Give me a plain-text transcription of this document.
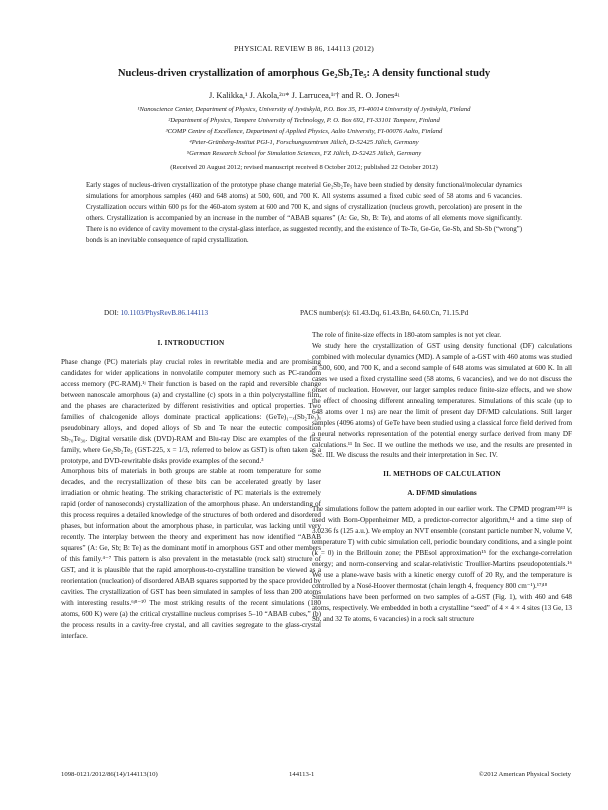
PHYSICAL REVIEW B 86, 144113 (2012)
Nucleus-driven crystallization of amorphous Ge₂Sb₂Te₅: A density functional study
J. Kalikka,¹ J. Akola,²ʳʴ* J. Larrucea,¹ʳ† and R. O. Jones⁴ʵ
¹Nanoscience Center, Department of Physics, University of Jyväskylä, P.O. Box 35, FI-40014 University of Jyväskylä, Finland
²Department of Physics, Tampere University of Technology, P. O. Box 692, FI-33101 Tampere, Finland
³COMP Centre of Excellence, Department of Applied Physics, Aalto University, FI-00076 Aalto, Finland
⁴Peter-Grünberg-Institut PGI-1, Forschungszentrum Jülich, D-52425 Jülich, Germany
⁵German Research School for Simulation Sciences, FZ Jülich, D-52425 Jülich, Germany
(Received 20 August 2012; revised manuscript received 8 October 2012; published 22 October 2012)
Early stages of nucleus-driven crystallization of the prototype phase change material Ge₂Sb₂Te₅ have been studied by density functional/molecular dynamics simulations for amorphous samples (460 and 648 atoms) at 500, 600, and 700 K. All systems assumed a fixed cubic seed of 58 atoms and 6 vacancies. Crystallization occurs within 600 ps for the 460-atom system at 600 and 700 K, and signs of crystallization (nucleus growth, percolation) are present in the others. Crystallization is accompanied by an increase in the number of “ABAB squares” (A: Ge, Sb, B: Te), and atoms of all elements move significantly. There is no evidence of cavity movement to the crystal-glass interface, as suggested recently, and the existence of Te-Te, Ge-Ge, Ge-Sb, and Sb-Sb (“wrong”) bonds is an inevitable consequence of rapid crystallization.
DOI: 10.1103/PhysRevB.86.144113	PACS number(s): 61.43.Dq, 61.43.Bn, 64.60.Cn, 71.15.Pd
I. INTRODUCTION

Phase change (PC) materials play crucial roles in rewritable media and are promising candidates for wider applications in nonvolatile computer memory such as PC-random access memory (PC-RAM).¹ʲ Their function is based on the rapid and reversible change between nanoscale amorphous (a) and crystalline (c) spots in a thin polycrystalline film, and the phases are characterized by different resistivities and optical properties. Two families of chalcogenide alloys dominate practical applications: (GeTe)₁₋ₓ(Sb₂Te₃)ₓ pseudobinary alloys, and doped alloys of Sb and Te near the eutectic composition Sb₇₀Te₃₀. Digital versatile disk (DVD)-RAM and Blu-ray Disc are examples of the first family, where Ge₂Sb₂Te₅ (GST-225, x = 1/3, referred to below as GST) is often taken as a prototype, and DVD-rewritable disks provide examples of the second.³

Amorphous bits of materials in both groups are stable at room temperature for some decades, and the recrystallization of these bits can be accelerated greatly by laser irradiation or ohmic heating. The striking characteristic of PC materials is the extremely rapid (order of nanoseconds) crystallization of the amorphous phase. An understanding of this process requires a detailed knowledge of the structures of both ordered and disordered phases, but information about the amorphous phase, in particular, was lacking until very recently. The interplay between the theory and experiment has now identified “ABAB squares” (A: Ge, Sb; B: Te) as the dominant motif in amorphous GST and other members of this family.⁴⁻⁷ This pattern is also prevalent in the metastable (rock salt) structure of GST, and it is plausible that the rapid amorphous-to-crystalline transition be viewed as a reorientation (nucleation) of disordered ABAB squares supported by the space provided by cavities. The crystallization of GST has been simulated in samples of less than 200 atoms with interesting results.⁶ʲ⁸⁻¹⁰ The most striking results of the recent simulations (180 atoms, 600 K) were (a) the critical crystalline nucleus comprises 5–10 “ABAB cubes,” (b) the process results in a cavity-free crystal, and all cavities segregate to the glass-crystal interface.

The role of finite-size effects in 180-atom samples is not yet clear.

We study here the crystallization of GST using density functional (DF) calculations combined with molecular dynamics (MD). A sample of a-GST with 460 atoms was studied at 500, 600, and 700 K, and a second sample of 648 atoms was simulated at 600 K. In all cases we used a fixed crystalline seed (58 atoms, 6 vacancies), and we do not discuss the onset of nucleation. However, our larger samples reduce finite-size effects, and we show the effect of choosing different annealing temperatures. Simulations of this scale (up to 648 atoms over 1 ns) are near the limit of present day DF/MD calculations. Still larger samples (4096 atoms) of GeTe have been studied using a classical force field derived from a neural networks representation of the potential energy surface derived from many DF calculations.¹¹ In Sec. II we outline the methods we use, and the results are presented in Sec. III. We discuss the results and their interpretation in Sec. IV.

II. METHODS OF CALCULATION
A. DF/MD simulations

The simulations follow the pattern adopted in our earlier work. The CPMD program¹²ʲ¹³ is used with Born-Oppenheimer MD, a predictor-corrector algorithm,¹⁴ and a time step of 3.0236 fs (125 a.u.). We employ an NVT ensemble (constant particle number N, volume V, temperature T) with cubic simulation cell, periodic boundary conditions, and a single point (k = 0) in the Brillouin zone; the PBEsol approximation¹⁵ for the exchange-correlation energy; and norm-conserving and scalar-relativistic Troullier-Martins pseudopotentials.¹⁶ We use a plane-wave basis with a kinetic energy cutoff of 20 Ry, and the temperature is controlled by a Nosé-Hoover thermostat (chain length 4, frequency 800 cm⁻¹).¹⁷ʲ¹⁸

Simulations have been performed on two samples of a-GST (Fig. 1), with 460 and 648 atoms, respectively. We embedded in both a crystalline “seed” of 4 × 4 × 4 sites (13 Ge, 13 Sb, and 32 Te atoms, 6 vacancies) in a rock salt structure

1098-0121/2012/86(14)/144113(10)	144113-1	©2012 American Physical Society
